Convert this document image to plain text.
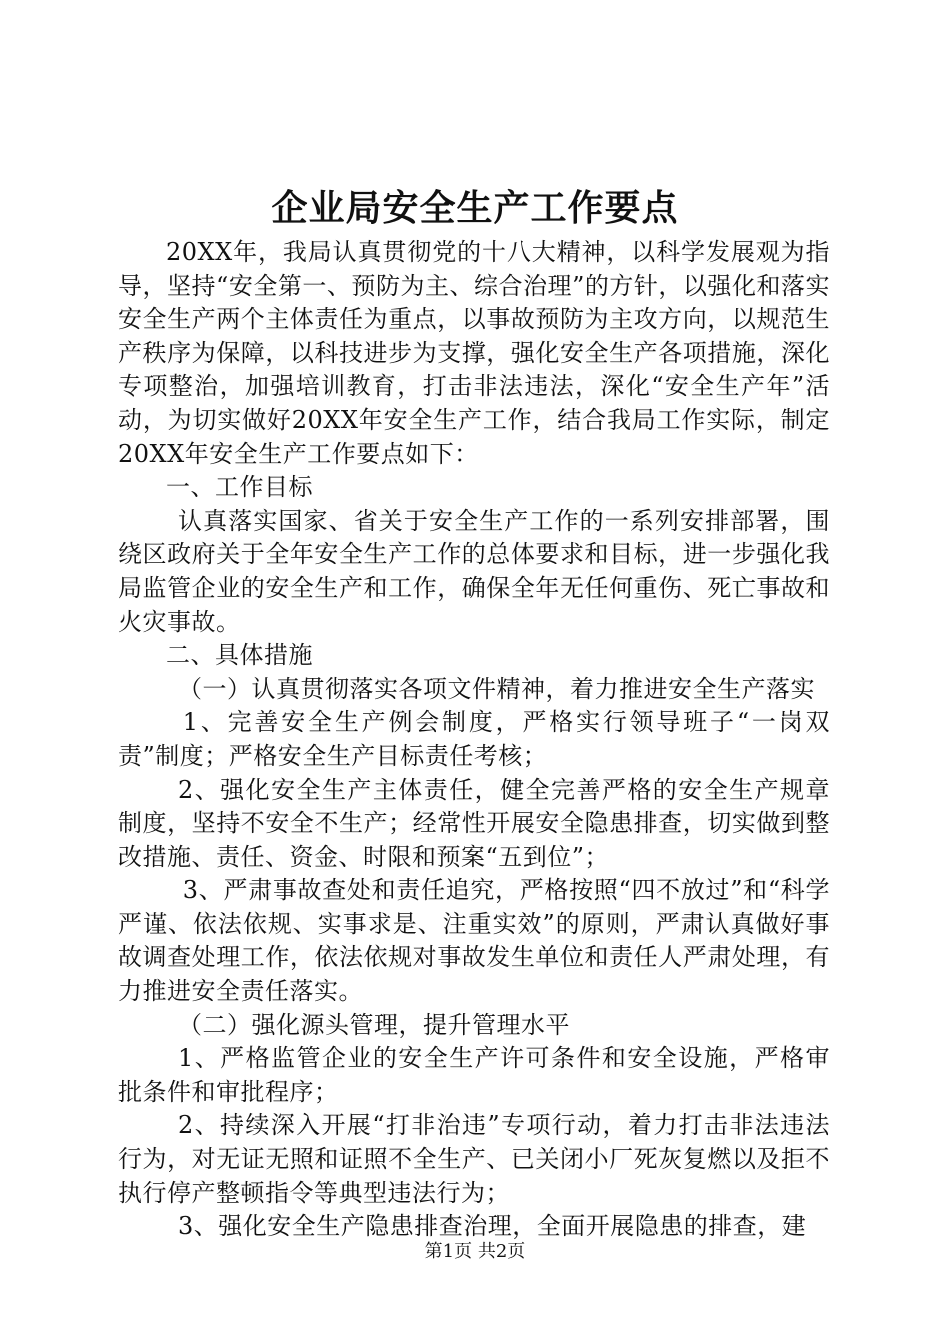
企业局安全生产工作要点

20XX年，我局认真贯彻党的十八大精神，以科学发展观为指导，坚持“安全第一、预防为主、综合治理”的方针，以强化和落实安全生产两个主体责任为重点，以事故预防为主攻方向，以规范生产秩序为保障，以科技进步为支撑，强化安全生产各项措施，深化专项整治，加强培训教育，打击非法违法，深化“安全生产年”活动，为切实做好20XX年安全生产工作，结合我局工作实际，制定20XX年安全生产工作要点如下：

一、工作目标

认真落实国家、省关于安全生产工作的一系列安排部署，围绕区政府关于全年安全生产工作的总体要求和目标，进一步强化我局监管企业的安全生产和工作，确保全年无任何重伤、死亡事故和火灾事故。

二、具体措施

（一）认真贯彻落实各项文件精神，着力推进安全生产落实

1、完善安全生产例会制度，严格实行领导班子“一岗双责”制度；严格安全生产目标责任考核；

2、强化安全生产主体责任，健全完善严格的安全生产规章制度，坚持不安全不生产；经常性开展安全隐患排查，切实做到整改措施、责任、资金、时限和预案“五到位”；

3、严肃事故查处和责任追究，严格按照“四不放过”和“科学严谨、依法依规、实事求是、注重实效”的原则，严肃认真做好事故调查处理工作，依法依规对事故发生单位和责任人严肃处理，有力推进安全责任落实。

（二）强化源头管理，提升管理水平

1、严格监管企业的安全生产许可条件和安全设施，严格审批条件和审批程序；

2、持续深入开展“打非治违”专项行动，着力打击非法违法行为，对无证无照和证照不全生产、已关闭小厂死灰复燃以及拒不执行停产整顿指令等典型违法行为；

3、强化安全生产隐患排查治理，全面开展隐患的排查，建

第1页 共2页
